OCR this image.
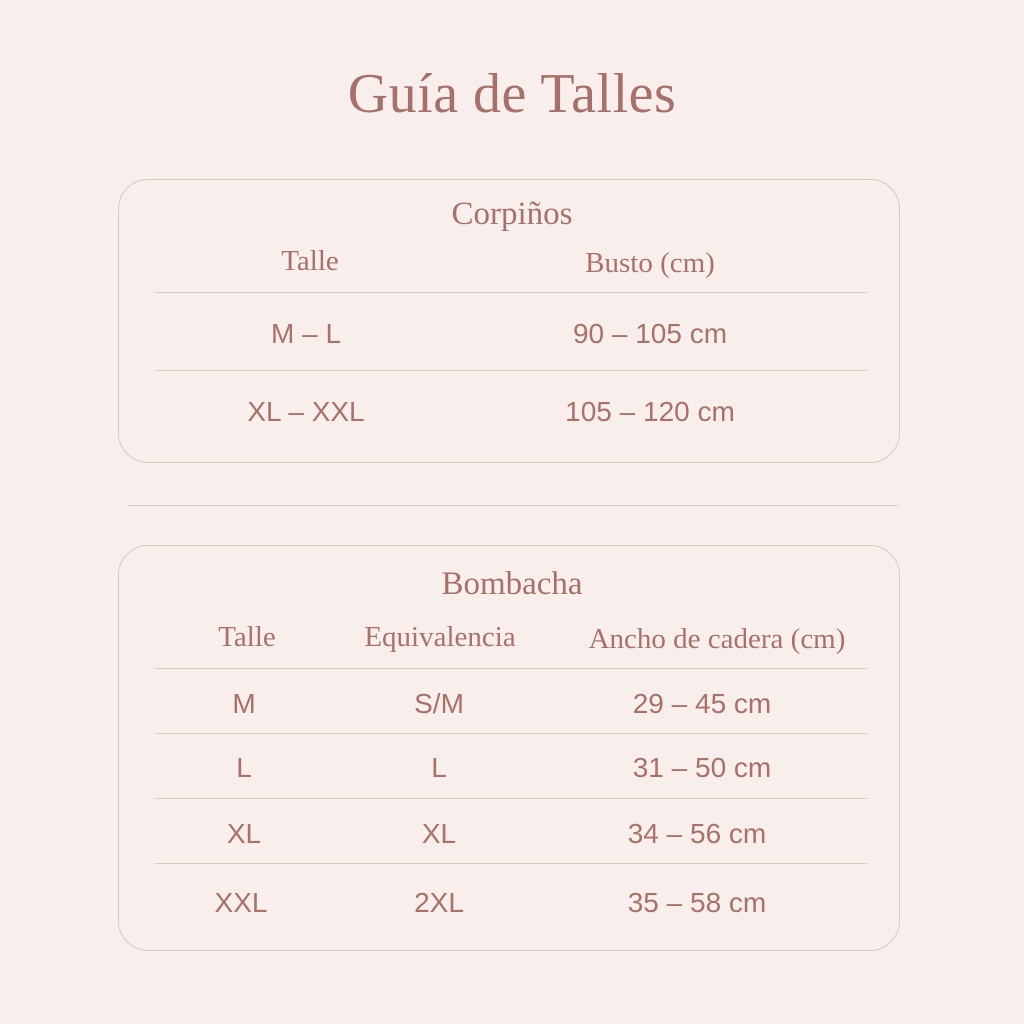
Guía de Talles
Corpiños
Talle	Busto (cm)
M – L	90 – 105 cm
XL – XXL	105 – 120 cm
Bombacha
Talle	Equivalencia	Ancho de cadera (cm)
M	S/M	29 – 45 cm
L	L	31 – 50 cm
XL	XL	34 – 56 cm
XXL	2XL	35 – 58 cm
